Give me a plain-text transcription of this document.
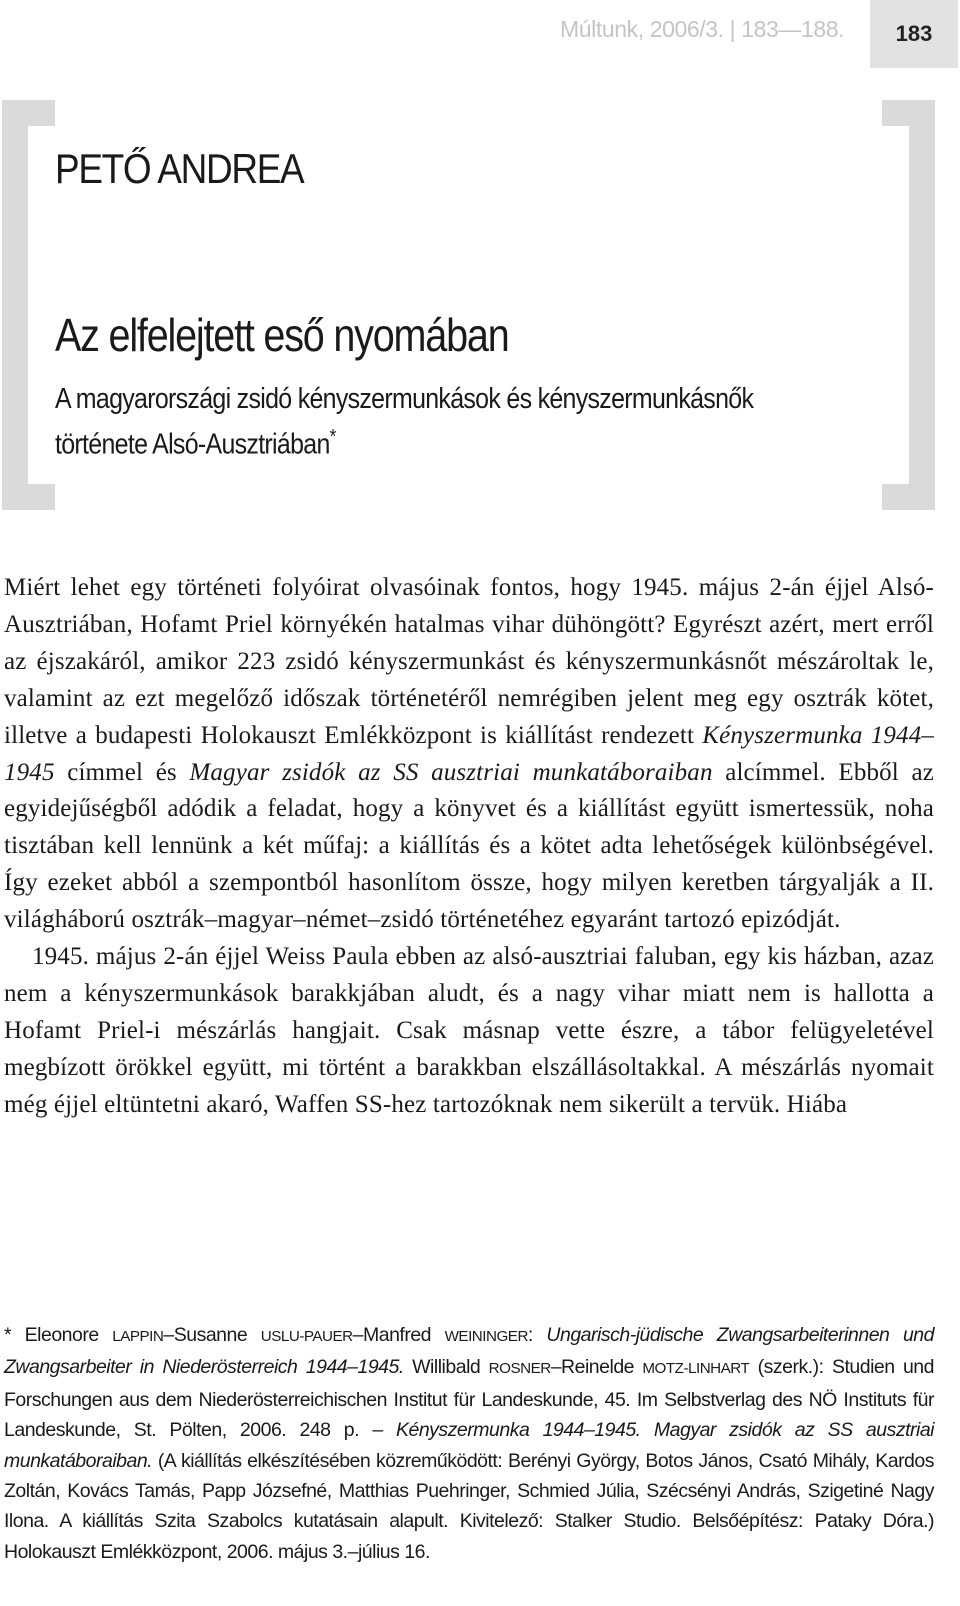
Múltunk, 2006/3. | 183—188.	183
PETŐ ANDREA
Az elfelejtett eső nyomában
A magyarországi zsidó kényszermunkások és kényszermunkásnők története Alsó-Ausztriában*

Miért lehet egy történeti folyóirat olvasóinak fontos, hogy 1945. május 2-án éjjel Alsó-Ausztriában, Hofamt Priel környékén hatalmas vihar dühöngött? Egyrészt azért, mert erről az éjszakáról, amikor 223 zsidó kényszermunkást és kényszermunkásnőt mészároltak le, valamint az ezt megelőző időszak történetéről nemrégiben jelent meg egy osztrák kötet, illetve a budapesti Holokauszt Emlékközpont is kiállítást rendezett Kényszermunka 1944–1945 címmel és Magyar zsidók az SS ausztriai munkatáboraiban alcímmel. Ebből az egyidejűségből adódik a feladat, hogy a könyvet és a kiállítást együtt ismertessük, noha tisztában kell lennünk a két műfaj: a kiállítás és a kötet adta lehetőségek különbségével. Így ezeket abból a szempontból hasonlítom össze, hogy milyen keretben tárgyalják a II. világháború osztrák–magyar–német–zsidó történetéhez egyaránt tartozó epizódját.

1945. május 2-án éjjel Weiss Paula ebben az alsó-ausztriai faluban, egy kis házban, azaz nem a kényszermunkások barakkjában aludt, és a nagy vihar miatt nem is hallotta a Hofamt Priel-i mészárlás hangjait. Csak másnap vette észre, a tábor felügyeletével megbízott örökkel együtt, mi történt a barakkban elszállásoltakkal. A mészárlás nyomait még éjjel eltüntetni akaró, Waffen SS-hez tartozóknak nem sikerült a tervük. Hiába

* Eleonore LAPPIN–Susanne USLU-PAUER–Manfred WEININGER: Ungarisch-jüdische Zwangsarbeiterinnen und Zwangsarbeiter in Niederösterreich 1944–1945. Willibald ROSNER–Reinelde MOTZ-LINHART (szerk.): Studien und Forschungen aus dem Niederösterreichischen Institut für Landeskunde, 45. Im Selbstverlag des NÖ Instituts für Landeskunde, St. Pölten, 2006. 248 p. – Kényszermunka 1944–1945. Magyar zsidók az SS ausztriai munkatáboraiban. (A kiállítás elkészítésében közreműködött: Berényi György, Botos János, Csató Mihály, Kardos Zoltán, Kovács Tamás, Papp Józsefné, Matthias Puehringer, Schmied Júlia, Szécsényi András, Szigetiné Nagy Ilona. A kiállítás Szita Szabolcs kutatásain alapult. Kivitelező: Stalker Studio. Belsőépítész: Pataky Dóra.) Holokauszt Emlékközpont, 2006. május 3.–július 16.
